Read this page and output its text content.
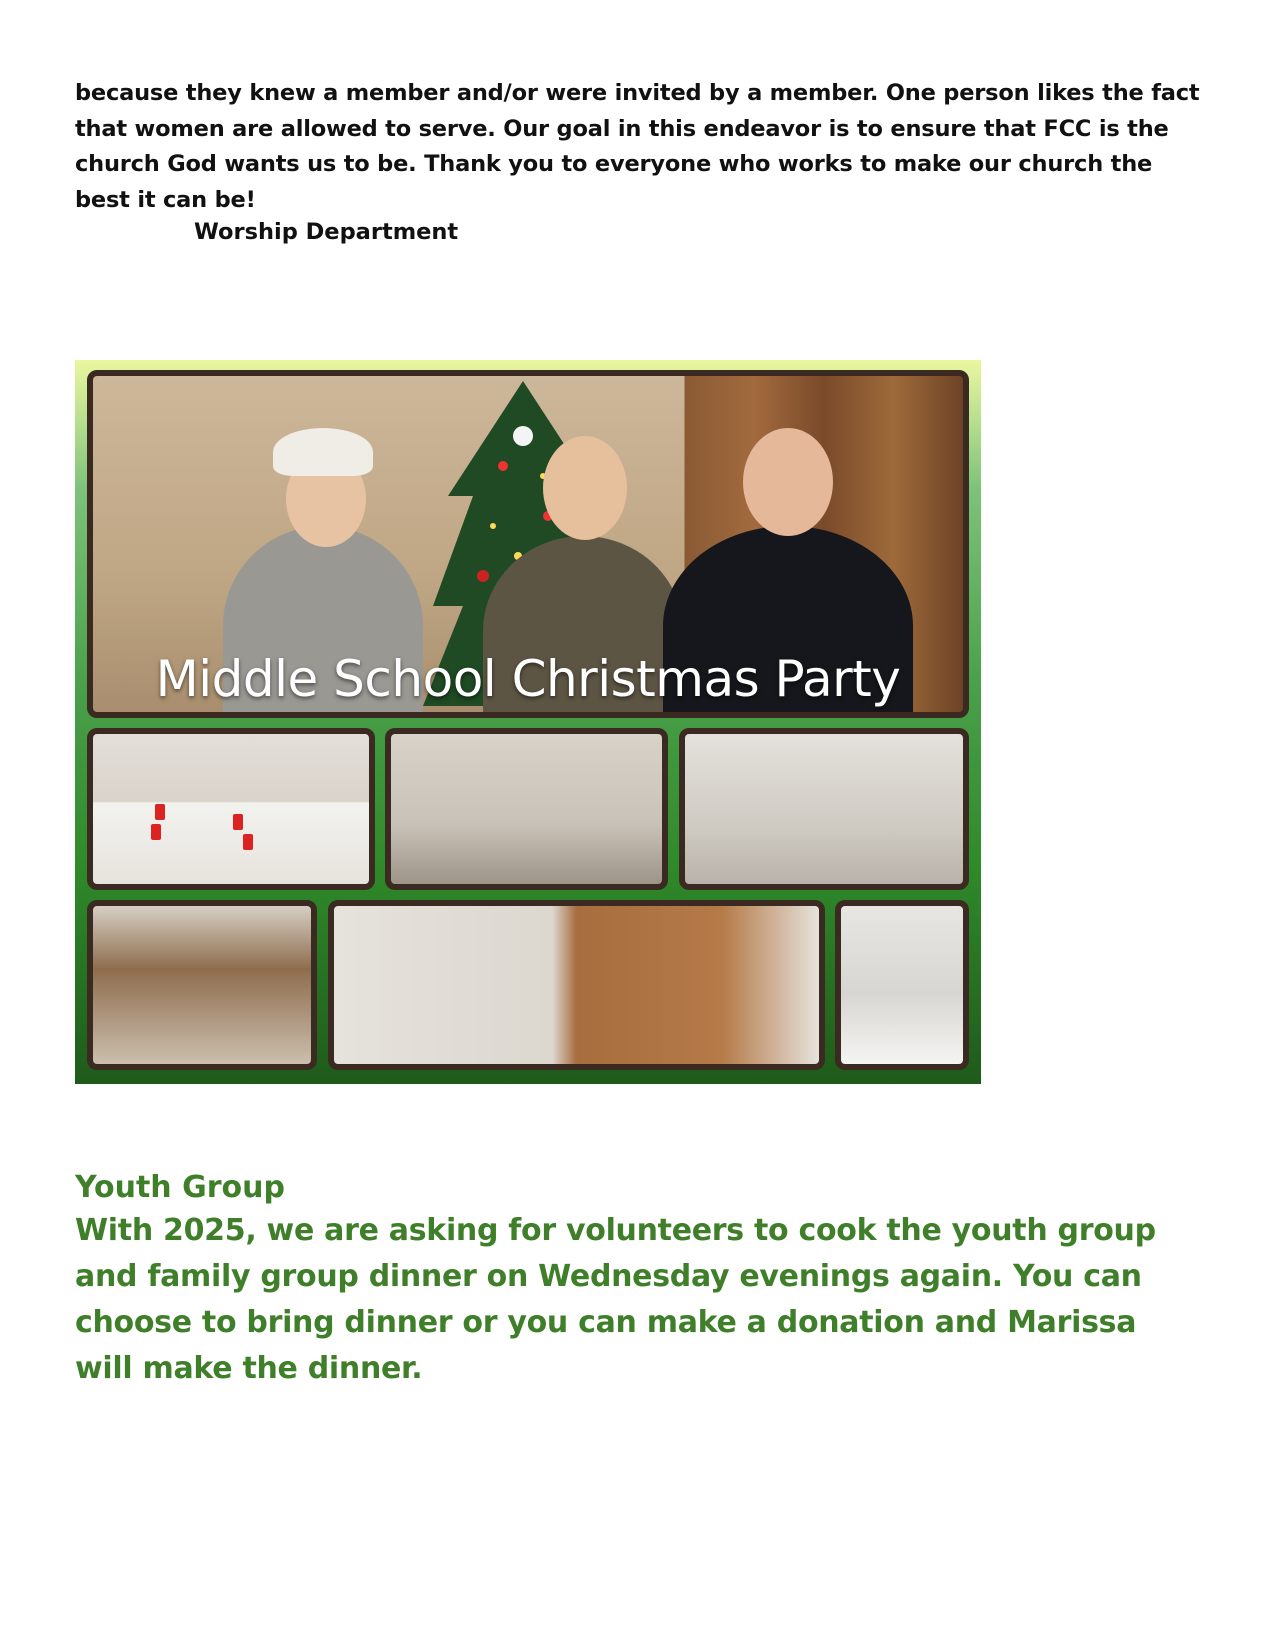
because they knew a member and/or were invited by a member. One person likes the fact that women are allowed to serve. Our goal in this endeavor is to ensure that FCC is the church God wants us to be. Thank you to everyone who works to make our church the best it can be!

Worship Department
Middle School Christmas Party
Youth Group

With 2025, we are asking for volunteers to cook the youth group and family group dinner on Wednesday evenings again. You can choose to bring dinner or you can make a donation and Marissa will make the dinner.
